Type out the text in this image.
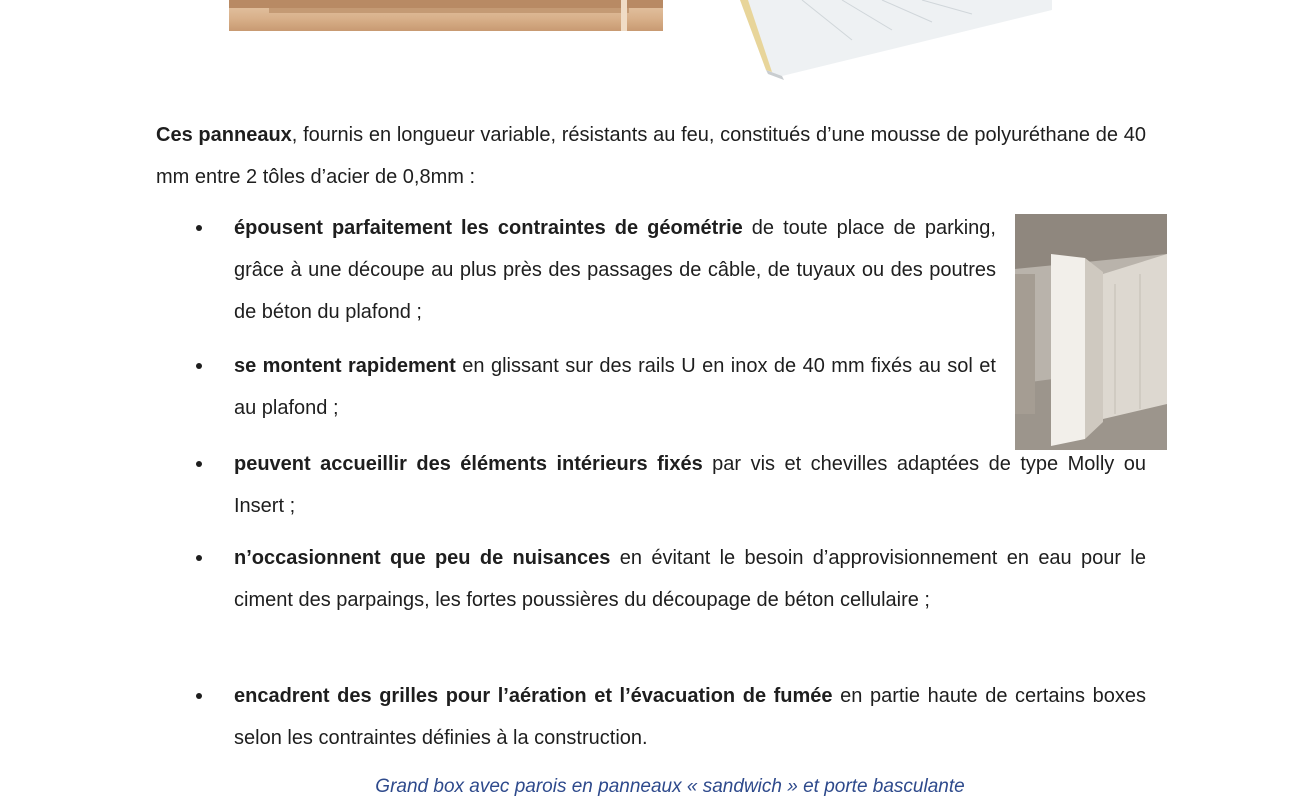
Ces panneaux, fournis en longueur variable, résistants au feu, constitués d’une mousse de polyuréthane de 40 mm entre 2 tôles d’acier de 0,8mm :

épousent parfaitement les contraintes de géométrie de toute place de parking, grâce à une découpe au plus près des passages de câble, de tuyaux ou des poutres de béton du plafond ;
se montent rapidement en glissant sur des rails U en inox de 40 mm fixés au sol et au plafond ;
peuvent accueillir des éléments intérieurs fixés par vis et chevilles adaptées de type Molly ou Insert ;
n’occasionnent que peu de nuisances en évitant le besoin d’approvisionnement en eau pour le ciment des parpaings, les fortes poussières du découpage de béton cellulaire ;
encadrent des grilles pour l’aération et l’évacuation de fumée en partie haute de certains boxes selon les contraintes définies à la construction.
Grand box avec parois en panneaux « sandwich » et porte basculante
